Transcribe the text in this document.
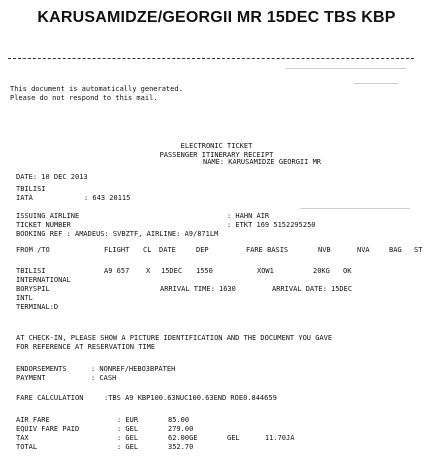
KARUSAMIDZE/GEORGII MR 15DEC TBS KBP
This document is automatically generated.
Please do not respond to this mail.
ELECTRONIC TICKET
PASSENGER ITINERARY RECEIPT
DATE: 10 DEC 2013
NAME: KARUSAMIDZE GEORGII MR
TBILISI
IATA	: 643 20115
ISSUING AIRLINE	: HAHN AIR
TICKET NUMBER	: ETKT 169 5152295250
BOOKING REF : AMADEUS: SVBZTF, AIRLINE: A9/871LM
FROM /TO	FLIGHT CL DATE	DEP	FARE BASIS	NVB	NVA	BAG ST
TBILISI	A9 657 X 15DEC 1550	XOW1	20KG OK
INTERNATIONAL
BORYSPIL	ARRIVAL TIME: 1630	ARRIVAL DATE: 15DEC
INTL
TERMINAL:D
AT CHECK-IN, PLEASE SHOW A PICTURE IDENTIFICATION AND THE DOCUMENT YOU GAVE
FOR REFERENCE AT RESERVATION TIME
ENDORSEMENTS	: NONREF/НЕВОЗВРАТЕН
PAYMENT	: CASH
FARE CALCULATION	:TBS A9 KBP100.63NUC100.63END ROE0.844659
AIR FARE	: EUR	85.00
EQUIV FARE PAID	: GEL	279.00
TAX	: GEL	62.00GE	GEL      11.70JA
TOTAL	: GEL	352.70
